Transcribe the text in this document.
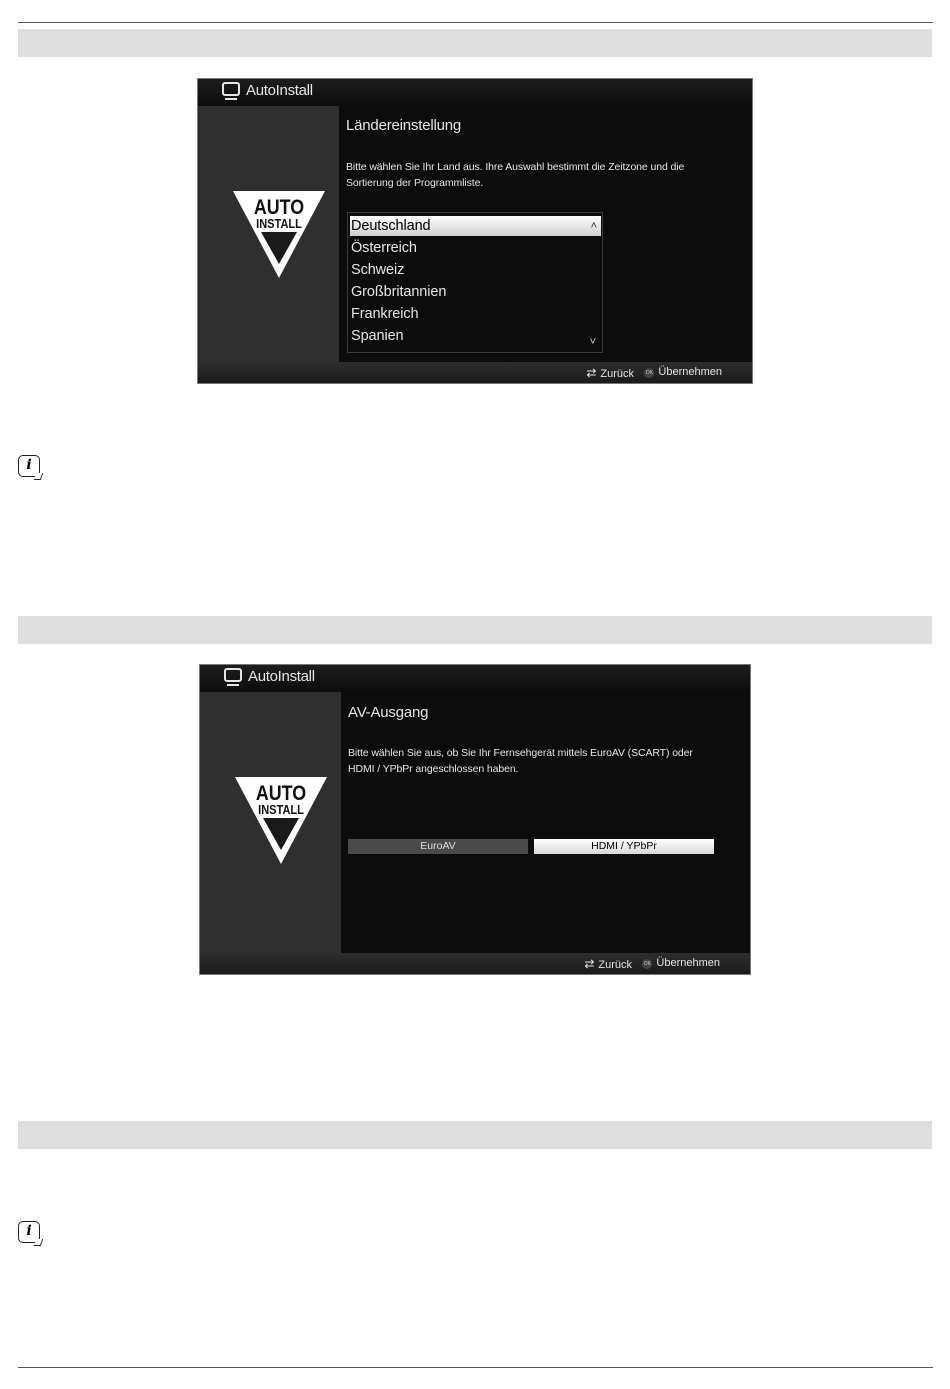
AutoInstall
AUTO
INSTALL
Ländereinstellung
Bitte wählen Sie Ihr Land aus. Ihre Auswahl bestimmt die Zeitzone und die Sortierung der Programmliste.
Deutschland	˄
Österreich
Schweiz
Großbritannien
Frankreich
Spanien	˅
⇄ Zurück OK Übernehmen
i
AutoInstall
AUTO
INSTALL
AV-Ausgang
Bitte wählen Sie aus, ob Sie Ihr Fernsehgerät mittels EuroAV (SCART) oder HDMI / YPbPr angeschlossen haben.
EuroAV	HDMI / YPbPr
⇄ Zurück OK Übernehmen
i
